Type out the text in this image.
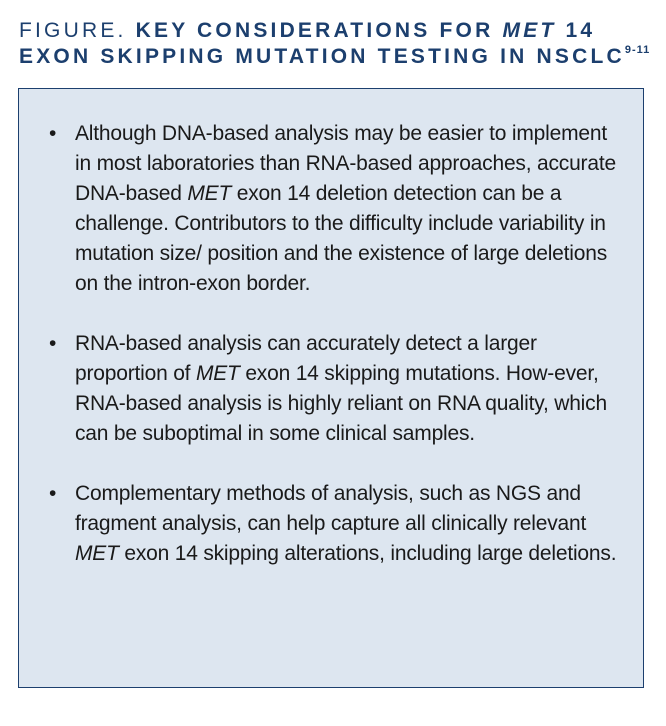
FIGURE. KEY CONSIDERATIONS FOR MET 14
EXON SKIPPING MUTATION TESTING IN NSCLC$^{9-11}$
• Although DNA-based analysis may be easier to implement in most laboratories than RNA-based approaches, accurate DNA-based MET exon 14 deletion detection can be a challenge. Contributors to the difficulty include variability in mutation size/ position and the existence of large deletions on the intron-exon border.
• RNA-based analysis can accurately detect a larger proportion of MET exon 14 skipping mutations. How-ever, RNA-based analysis is highly reliant on RNA quality, which can be suboptimal in some clinical samples.
• Complementary methods of analysis, such as NGS and fragment analysis, can help capture all clinically relevant MET exon 14 skipping alterations, including large deletions.
